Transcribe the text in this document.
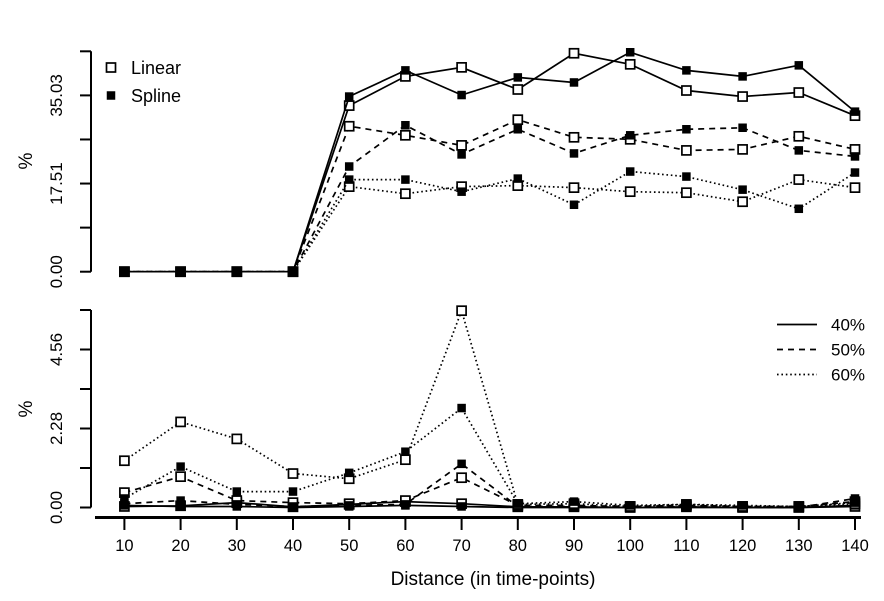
0.00
17.51
35.03
0.00
2.28
4.56
10 20 30 40 50 60 70 80 90 100 110 120 130 140
Linear
Spline
40%
50%
60%
%
%
Distance (in time-points)
